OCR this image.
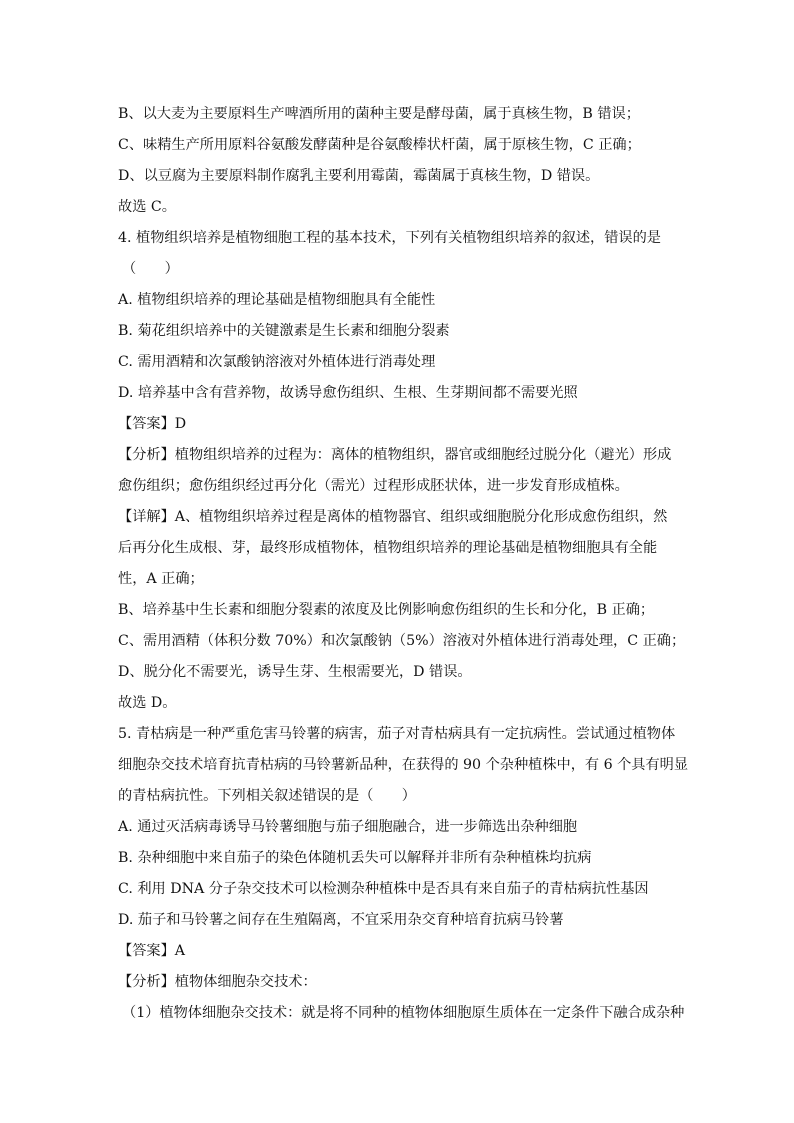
B、以大麦为主要原料生产啤酒所用的菌种主要是酵母菌，属于真核生物，B 错误；
C、味精生产所用原料谷氨酸发酵菌种是谷氨酸棒状杆菌，属于原核生物，C 正确；
D、以豆腐为主要原料制作腐乳主要利用霉菌，霉菌属于真核生物，D 错误。
故选 C。
4. 植物组织培养是植物细胞工程的基本技术，下列有关植物组织培养的叙述，错误的是
（　　）
A. 植物组织培养的理论基础是植物细胞具有全能性
B. 菊花组织培养中的关键激素是生长素和细胞分裂素
C. 需用酒精和次氯酸钠溶液对外植体进行消毒处理
D. 培养基中含有营养物，故诱导愈伤组织、生根、生芽期间都不需要光照
【答案】D
【分析】植物组织培养的过程为：离体的植物组织，器官或细胞经过脱分化（避光）形成
愈伤组织；愈伤组织经过再分化（需光）过程形成胚状体，进一步发育形成植株。
【详解】A、植物组织培养过程是离体的植物器官、组织或细胞脱分化形成愈伤组织，然
后再分化生成根、芽，最终形成植物体，植物组织培养的理论基础是植物细胞具有全能
性，A 正确；
B、培养基中生长素和细胞分裂素的浓度及比例影响愈伤组织的生长和分化，B 正确；
C、需用酒精（体积分数 70%）和次氯酸钠（5%）溶液对外植体进行消毒处理，C 正确；
D、脱分化不需要光，诱导生芽、生根需要光，D 错误。
故选 D。
5. 青枯病是一种严重危害马铃薯的病害，茄子对青枯病具有一定抗病性。尝试通过植物体
细胞杂交技术培育抗青枯病的马铃薯新品种，在获得的 90 个杂种植株中，有 6 个具有明显
的青枯病抗性。下列相关叙述错误的是（　　）
A. 通过灭活病毒诱导马铃薯细胞与茄子细胞融合，进一步筛选出杂种细胞
B. 杂种细胞中来自茄子的染色体随机丢失可以解释并非所有杂种植株均抗病
C. 利用 DNA 分子杂交技术可以检测杂种植株中是否具有来自茄子的青枯病抗性基因
D. 茄子和马铃薯之间存在生殖隔离，不宜采用杂交育种培育抗病马铃薯
【答案】A
【分析】植物体细胞杂交技术：
（1）植物体细胞杂交技术：就是将不同种的植物体细胞原生质体在一定条件下融合成杂种
